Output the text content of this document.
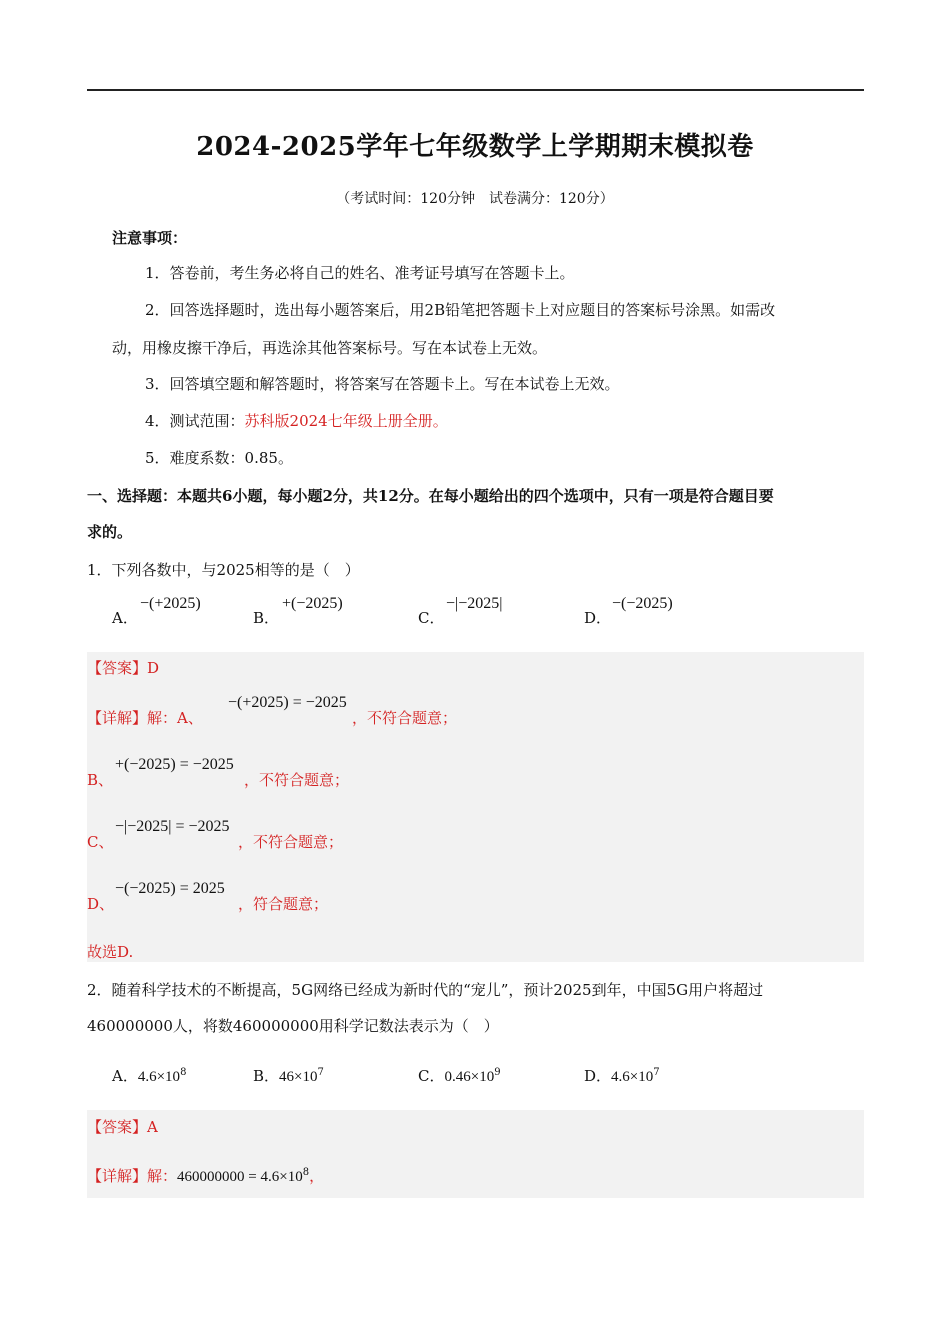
2024-2025学年七年级数学上学期期末模拟卷
（考试时间：120分钟　试卷满分：120分）
注意事项：
1．答卷前，考生务必将自己的姓名、准考证号填写在答题卡上。
2．回答选择题时，选出每小题答案后，用2B铅笔把答题卡上对应题目的答案标号涂黑。如需改
动，用橡皮擦干净后，再选涂其他答案标号。写在本试卷上无效。
3．回答填空题和解答题时，将答案写在答题卡上。写在本试卷上无效。
4．测试范围：苏科版2024七年级上册全册。
5．难度系数：0.85。
一、选择题：本题共6小题，每小题2分，共12分。在每小题给出的四个选项中，只有一项是符合题目要
求的。
1．下列各数中，与2025相等的是（　）
A．
−(+2025)
B．
+(−2025)
C．
−|−2025|
D．
−(−2025)
【答案】D
【详解】解：A、
−(+2025) = −2025
，不符合题意；
B、
+(−2025) = −2025
，不符合题意；
C、
−|−2025| = −2025
，不符合题意；
D、
−(−2025) = 2025
，符合题意；
故选D.
2．随着科学技术的不断提高，5G网络已经成为新时代的“宠儿”，预计2025到年，中国5G用户将超过
460000000人，将数460000000用科学记数法表示为（　）
A．$4.6\times 10^8$	B．$46\times 10^7$	C．$0.46\times 10^9$	D．$4.6\times 10^7$
【答案】A
【详解】解：$460000000 = 4.6\times 10^8$，
